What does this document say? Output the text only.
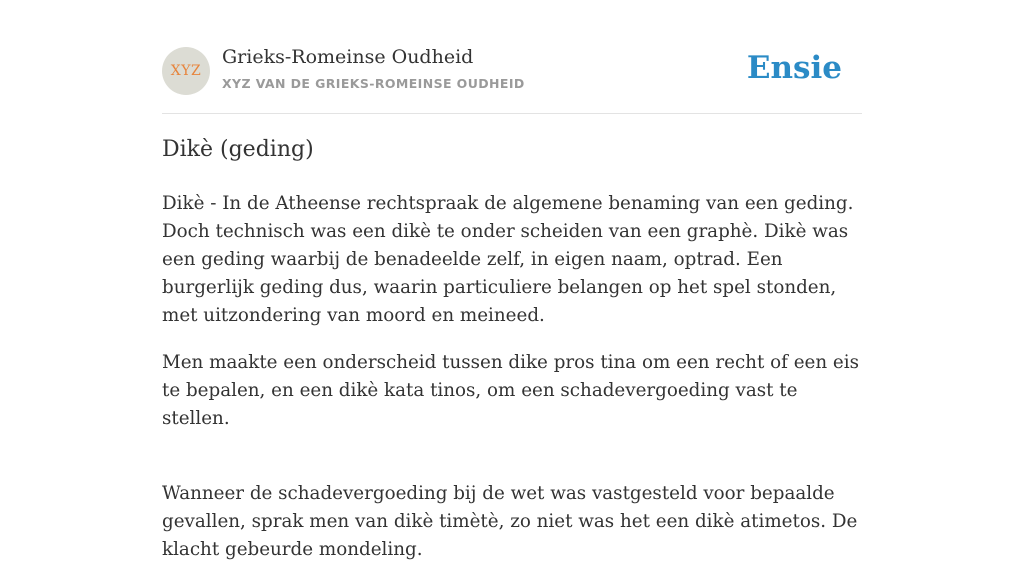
XYZ
Grieks-Romeinse Oudheid
XYZ VAN DE GRIEKS-ROMEINSE OUDHEID	Ensie
Dikè (geding)

Dikè - In de Atheense rechtspraak de algemene benaming van een geding. Doch technisch was een dikè te onder scheiden van een graphè. Dikè was een geding waarbij de benadeelde zelf, in eigen naam, optrad. Een burgerlijk geding dus, waarin particuliere belangen op het spel stonden, met uitzondering van moord en meineed.

Men maakte een onderscheid tussen dike pros tina om een recht of een eis te bepalen, en een dikè kata tinos, om een schadevergoeding vast te stellen.

Wanneer de schadevergoeding bij de wet was vastgesteld voor bepaalde gevallen, sprak men van dikè timètè, zo niet was het een dikè atimetos. De klacht gebeurde mondeling.
